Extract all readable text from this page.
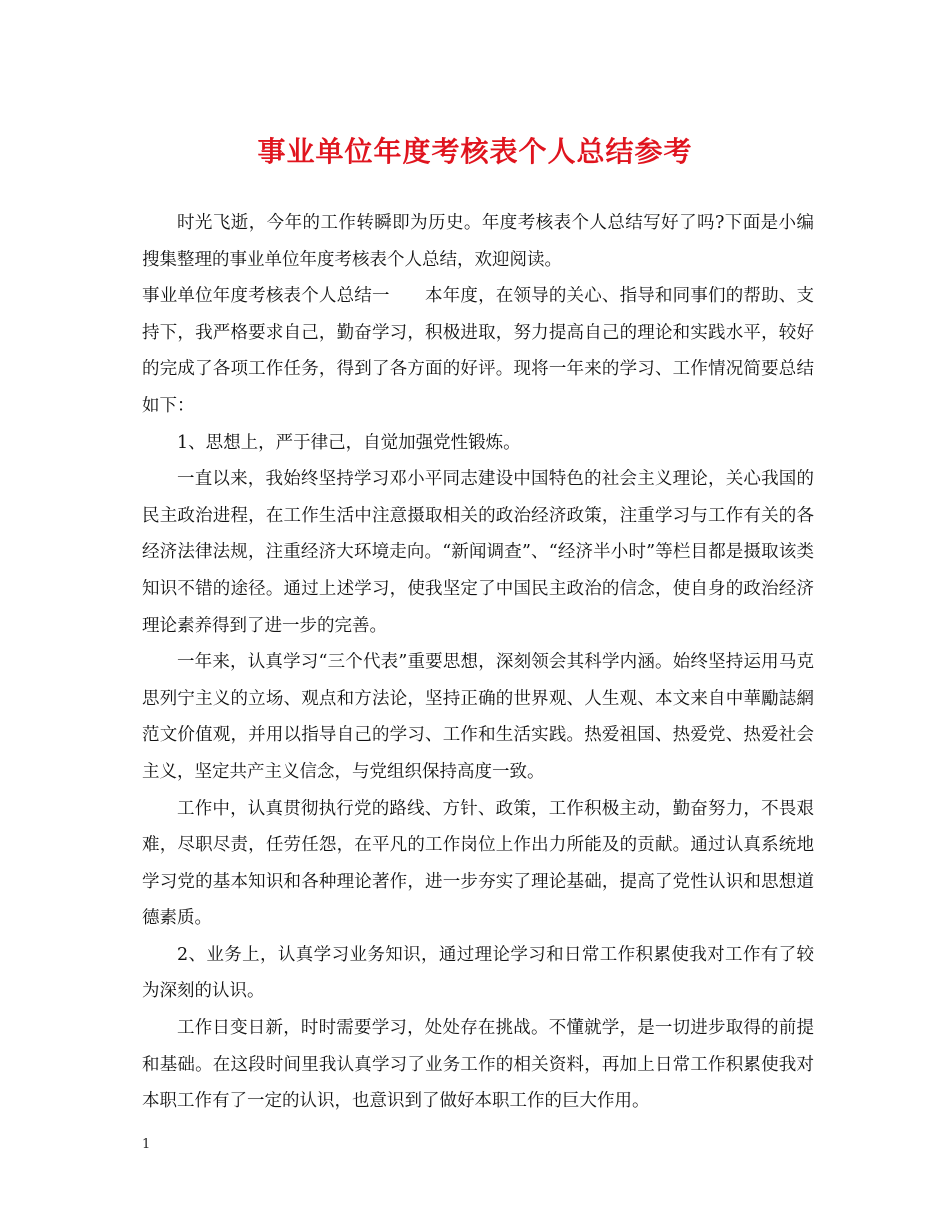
事业单位年度考核表个人总结参考

时光飞逝，今年的工作转瞬即为历史。年度考核表个人总结写好了吗?下面是小编搜集整理的事业单位年度考核表个人总结，欢迎阅读。

事业单位年度考核表个人总结一　　本年度，在领导的关心、指导和同事们的帮助、支持下，我严格要求自己，勤奋学习，积极进取，努力提高自己的理论和实践水平，较好的完成了各项工作任务，得到了各方面的好评。现将一年来的学习、工作情况简要总结如下：

1、思想上，严于律己，自觉加强党性锻炼。

一直以来，我始终坚持学习邓小平同志建设中国特色的社会主义理论，关心我国的民主政治进程，在工作生活中注意摄取相关的政治经济政策，注重学习与工作有关的各经济法律法规，注重经济大环境走向。“新闻调查”、“经济半小时”等栏目都是摄取该类知识不错的途径。通过上述学习，使我坚定了中国民主政治的信念，使自身的政治经济理论素养得到了进一步的完善。

一年来，认真学习“三个代表”重要思想，深刻领会其科学内涵。始终坚持运用马克思列宁主义的立场、观点和方法论，坚持正确的世界观、人生观、本文来自中華勵誌網范文价值观，并用以指导自己的学习、工作和生活实践。热爱祖国、热爱党、热爱社会主义，坚定共产主义信念，与党组织保持高度一致。

工作中，认真贯彻执行党的路线、方针、政策，工作积极主动，勤奋努力，不畏艰难，尽职尽责，任劳任怨，在平凡的工作岗位上作出力所能及的贡献。通过认真系统地学习党的基本知识和各种理论著作，进一步夯实了理论基础，提高了党性认识和思想道德素质。

2、业务上，认真学习业务知识，通过理论学习和日常工作积累使我对工作有了较为深刻的认识。

工作日变日新，时时需要学习，处处存在挑战。不懂就学，是一切进步取得的前提和基础。在这段时间里我认真学习了业务工作的相关资料，再加上日常工作积累使我对本职工作有了一定的认识，也意识到了做好本职工作的巨大作用。

1
